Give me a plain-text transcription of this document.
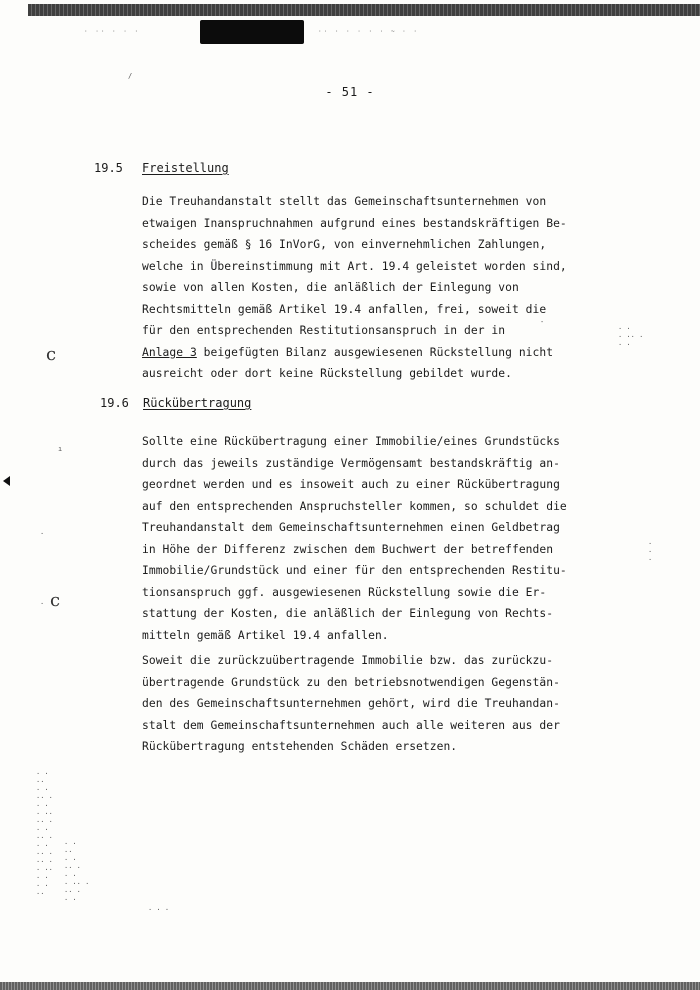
· ·· · · ·	·· · · · · · ~ · ·
- 51 -
19.5 Freistellung
Die Treuhandanstalt stellt das Gemeinschaftsunternehmen von
etwaigen Inanspruchnahmen aufgrund eines bestandskräftigen Be-
scheides gemäß § 16 InVorG, von einvernehmlichen Zahlungen,
welche in Übereinstimmung mit Art. 19.4 geleistet worden sind,
sowie von allen Kosten, die anläßlich der Einlegung von
Rechtsmitteln gemäß Artikel 19.4 anfallen, frei, soweit die
für den entsprechenden Restitutionsanspruch in der in
Anlage 3 beigefügten Bilanz ausgewiesenen Rückstellung nicht
ausreicht oder dort keine Rückstellung gebildet wurde.
19.6 Rückübertragung
Sollte eine Rückübertragung einer Immobilie/eines Grundstücks
durch das jeweils zuständige Vermögensamt bestandskräftig an-
geordnet werden und es insoweit auch zu einer Rückübertragung
auf den entsprechenden Anspruchsteller kommen, so schuldet die
Treuhandanstalt dem Gemeinschaftsunternehmen einen Geldbetrag
in Höhe der Differenz zwischen dem Buchwert der betreffenden
Immobilie/Grundstück und einer für den entsprechenden Restitu-
tionsanspruch ggf. ausgewiesenen Rückstellung sowie die Er-
stattung der Kosten, die anläßlich der Einlegung von Rechts-
mitteln gemäß Artikel 19.4 anfallen.
Soweit die zurückzuübertragende Immobilie bzw. das zurückzu-
übertragende Grundstück zu den betriebsnotwendigen Gegenstän-
den des Gemeinschaftsunternehmen gehört, wird die Treuhandan-
stalt dem Gemeinschaftsunternehmen auch alle weiteren aus der
Rückübertragung entstehenden Schäden ersetzen.
ⅽ
ⅽ
ı
/
· ·
· ·· ·
· ·
·
·
·
· ·
··
· ·
·· ·
· ·
· ··
·· ·
· ·
·· ·
· ·
·· ·
·· ·
· ··
· ·
· ·
··
· ·
··
· ·
·· ·
· ·
· ·· ·
·· ·
· ·
· · ·
·
·
-
